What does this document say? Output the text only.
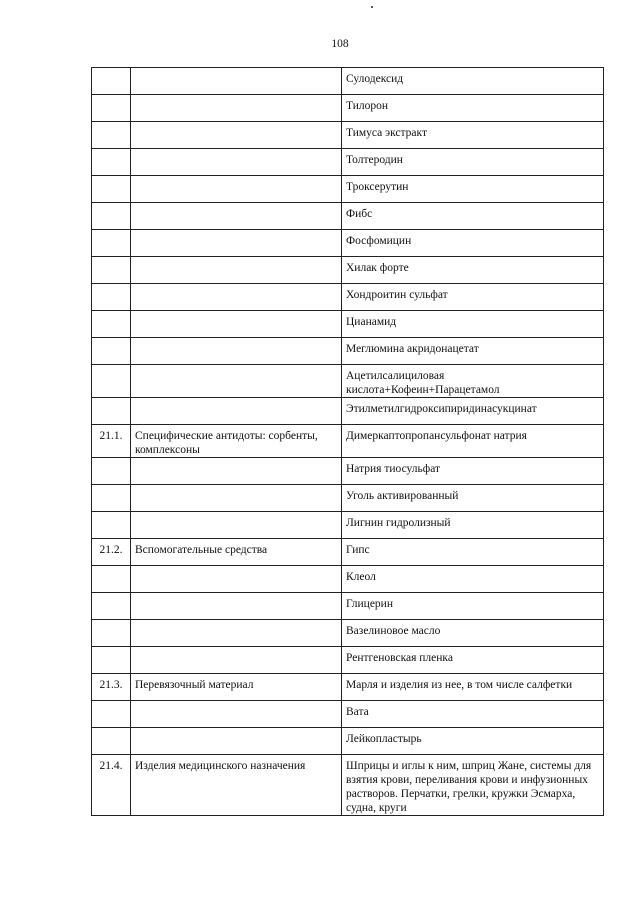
108
		Сулодексид
		Тилорон
		Тимуса экстракт
		Толтеродин
		Троксерутин
		Фибс
		Фосфомицин
		Хилак форте
		Хондроитин сульфат
		Цианамид
		Меглюмина акридонацетат
		Ацетилсалициловая кислота+Кофеин+Парацетамол
		Этилметилгидроксипиридинасукцинат
21.1.	Специфические антидоты: сорбенты, комплексоны	Димеркаптопропансульфонат натрия
		Натрия тиосульфат
		Уголь активированный
		Лигнин гидролизный
21.2.	Вспомогательные средства	Гипс
		Клеол
		Глицерин
		Вазелиновое масло
		Рентгеновская пленка
21.3.	Перевязочный материал	Марля и изделия из нее, в том числе салфетки
		Вата
		Лейкопластырь
21.4.	Изделия медицинского назначения	Шприцы и иглы к ним, шприц Жане, системы для взятия крови, переливания крови и инфузионных растворов. Перчатки, грелки, кружки Эсмарха, судна, круги
